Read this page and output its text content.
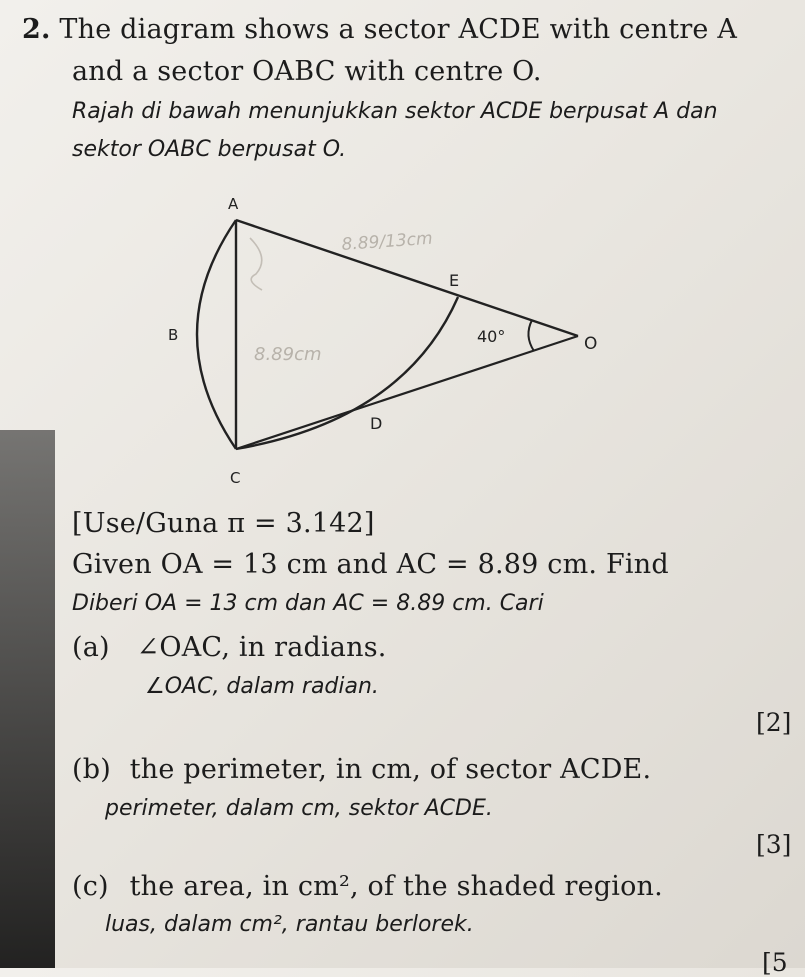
2. The diagram shows a sector ACDE with centre A
and a sector OABC with centre O.
Rajah di bawah menunjukkan sektor ACDE berpusat A dan
sektor OABC berpusat O.
A
B
C
D
E
O
40°
8.89/13cm
8.89cm
[Use/Guna π = 3.142]
Given OA = 13 cm and AC = 8.89 cm. Find
Diberi OA = 13 cm dan AC = 8.89 cm. Cari
(a) ∠OAC, in radians.
∠OAC, dalam radian.
[2]
(b) the perimeter, in cm, of sector ACDE.
perimeter, dalam cm, sektor ACDE.
[3]
(c) the area, in cm², of the shaded region.
luas, dalam cm², rantau berlorek.
[5
